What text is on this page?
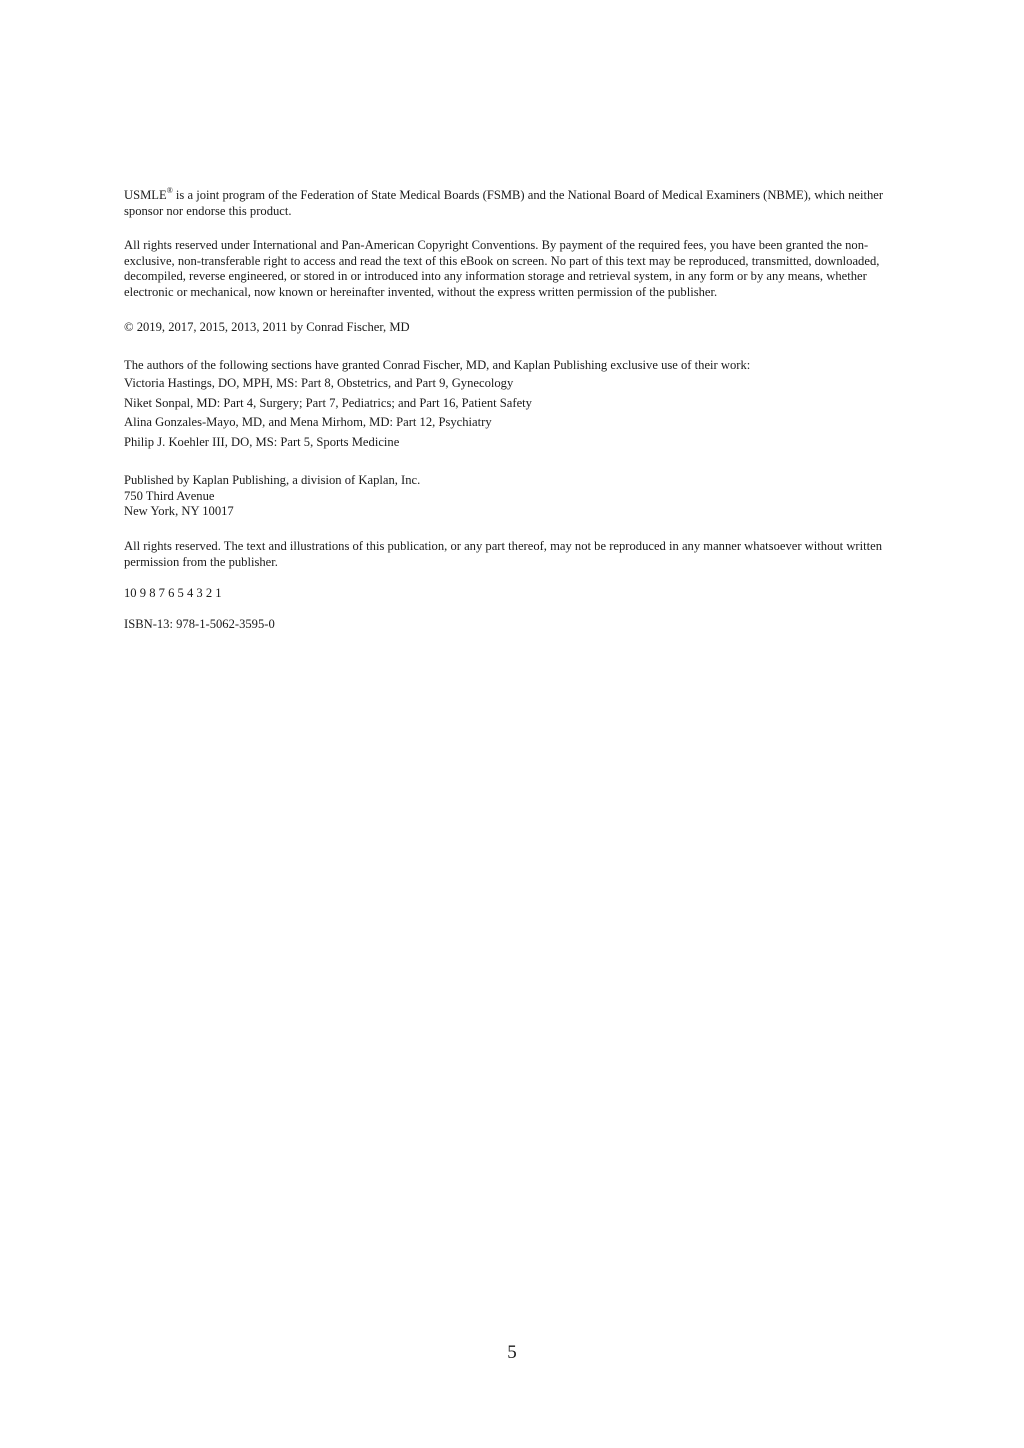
USMLE® is a joint program of the Federation of State Medical Boards (FSMB) and the National Board of Medical Examiners (NBME), which neither sponsor nor endorse this product.

All rights reserved under International and Pan-American Copyright Conventions. By payment of the required fees, you have been granted the non-exclusive, non-transferable right to access and read the text of this eBook on screen. No part of this text may be reproduced, transmitted, downloaded, decompiled, reverse engineered, or stored in or introduced into any information storage and retrieval system, in any form or by any means, whether electronic or mechanical, now known or hereinafter invented, without the express written permission of the publisher.

© 2019, 2017, 2015, 2013, 2011 by Conrad Fischer, MD

The authors of the following sections have granted Conrad Fischer, MD, and Kaplan Publishing exclusive use of their work:
Victoria Hastings, DO, MPH, MS: Part 8, Obstetrics, and Part 9, Gynecology
Niket Sonpal, MD: Part 4, Surgery; Part 7, Pediatrics; and Part 16, Patient Safety
Alina Gonzales-Mayo, MD, and Mena Mirhom, MD: Part 12, Psychiatry
Philip J. Koehler III, DO, MS: Part 5, Sports Medicine
Published by Kaplan Publishing, a division of Kaplan, Inc.
750 Third Avenue
New York, NY 10017

All rights reserved. The text and illustrations of this publication, or any part thereof, may not be reproduced in any manner whatsoever without written permission from the publisher.

10 9 8 7 6 5 4 3 2 1

ISBN-13: 978-1-5062-3595-0

5
